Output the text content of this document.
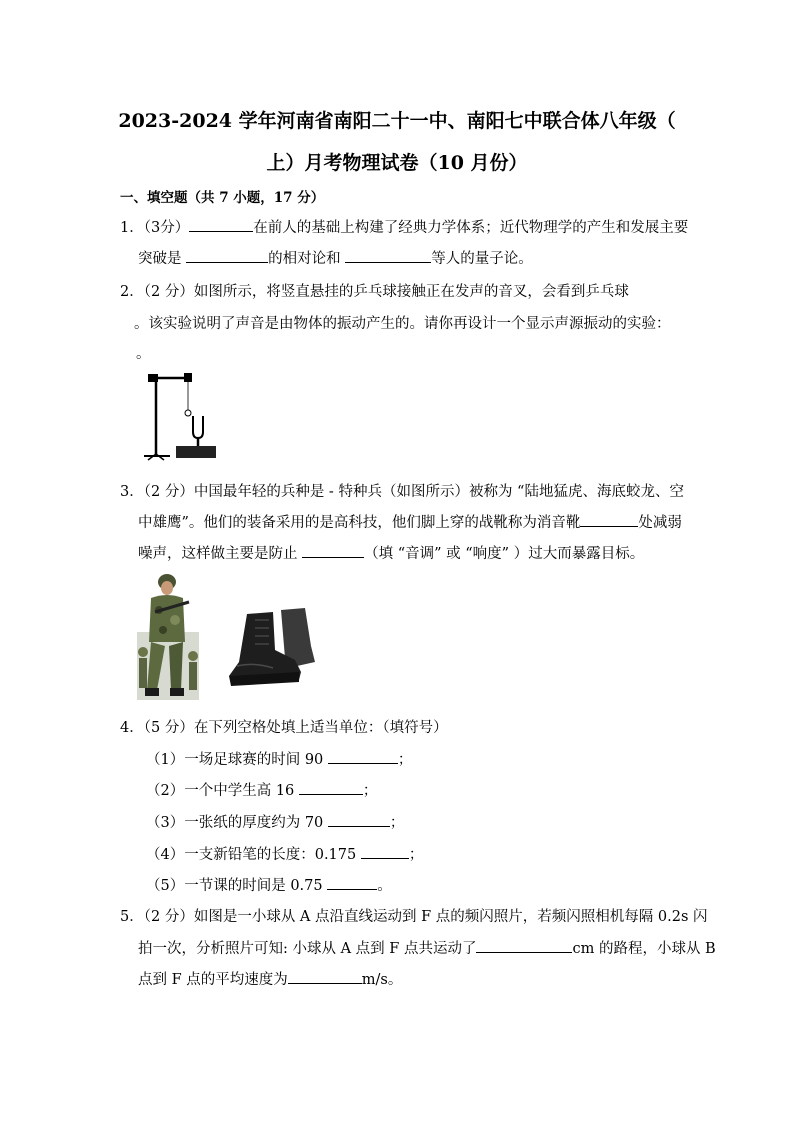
2023-2024 学年河南省南阳二十一中、南阳七中联合体八年级（
上）月考物理试卷（10 月份）
一、填空题（共 7 小题，17 分）
1．（3分）	在前人的基础上构建了经典力学体系；近代物理学的产生和发展主要
突破是	的相对论和	等人的量子论。
2．（2 分）如图所示，将竖直悬挂的乒乓球接触正在发声的音叉，会看到乒乓球
。该实验说明了声音是由物体的振动产生的。请你再设计一个显示声源振动的实验：
。
3．（2 分）中国最年轻的兵种是 - 特种兵（如图所示）被称为 “陆地猛虎、海底蛟龙、空
中雄鹰”。他们的装备采用的是高科技，他们脚上穿的战靴称为消音靴	处减弱
噪声，这样做主要是防止	（填 “音调” 或 “响度” ）过大而暴露目标。
4．（5 分）在下列空格处填上适当单位：（填符号）
（1）一场足球赛的时间 90	；
（2）一个中学生高 16	；
（3）一张纸的厚度约为 70	；
（4）一支新铅笔的长度：0.175	；
（5）一节课的时间是 0.75	。
5．（2 分）如图是一小球从 A 点沿直线运动到 F 点的频闪照片，若频闪照相机每隔 0.2s 闪
拍一次，分析照片可知: 小球从 A 点到 F 点共运动了	cm 的路程，小球从 B
点到 F 点的平均速度为	m/s。
